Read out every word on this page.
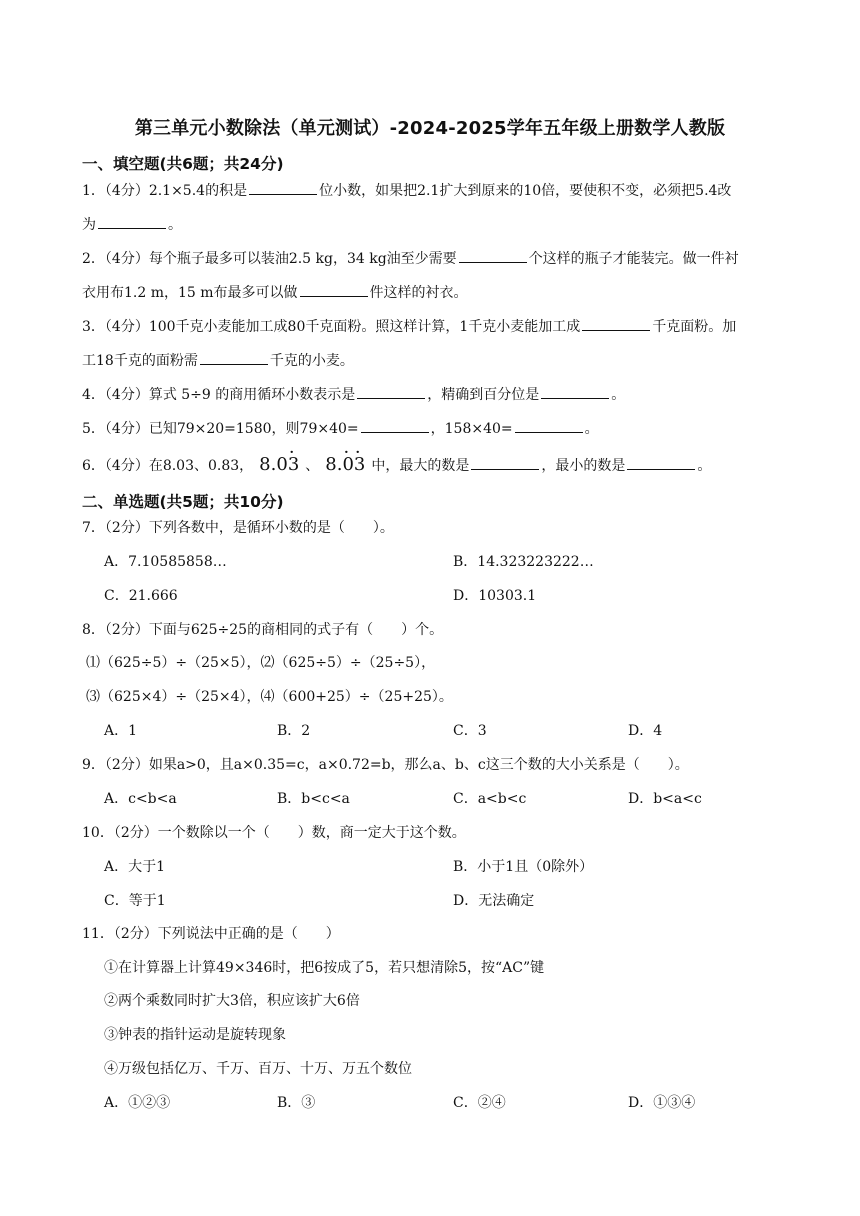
第三单元小数除法（单元测试）-2024-2025学年五年级上册数学人教版
一、填空题(共6题；共24分)
1．（4分）2.1×5.4的积是	位小数，如果把2.1扩大到原来的10倍，要使积不变，必须把5.4改
为	。
2．（4分）每个瓶子最多可以装油2.5 kg，34 kg油至少需要	个这样的瓶子才能装完。做一件衬
衣用布1.2 m，15 m布最多可以做	件这样的衬衣。
3．（4分）100千克小麦能加工成80千克面粉。照这样计算，1千克小麦能加工成	千克面粉。加
工18千克的面粉需	千克的小麦。
4．（4分）算式 5÷9 的商用循环小数表示是	，精确到百分位是	。
5．（4分）已知79×20=1580，则79×40=	，158×40=	。
6．（4分）在8.03、0.83， 8.0· 3 、 8.· 0· 3 中，最大的数是	，最小的数是	。
二、单选题(共5题；共10分)
7．（2分）下列各数中，是循环小数的是（　　）。
A．7.10585858…	B．14.323223222…
C．21.666	D．10303.1
8．（2分）下面与625÷25的商相同的式子有（　　）个。
⑴（625÷5）÷（25×5），⑵（625÷5）÷（25÷5），
⑶（625×4）÷（25×4），⑷（600+25）÷（25+25）。
A．1	B．2	C．3	D．4
9．（2分）如果a>0，且a×0.35=c，a×0.72=b，那么a、b、c这三个数的大小关系是（　　）。
A．c<b<a	B．b<c<a	C．a<b<c	D．b<a<c
10．（2分）一个数除以一个（　　）数，商一定大于这个数。
A．大于1	B．小于1且（0除外）
C．等于1	D．无法确定
11．（2分）下列说法中正确的是（　　）
①在计算器上计算49×346时，把6按成了5，若只想清除5，按“AC”键
②两个乘数同时扩大3倍，积应该扩大6倍
③钟表的指针运动是旋转现象
④万级包括亿万、千万、百万、十万、万五个数位
A．①②③	B．③	C．②④	D．①③④
